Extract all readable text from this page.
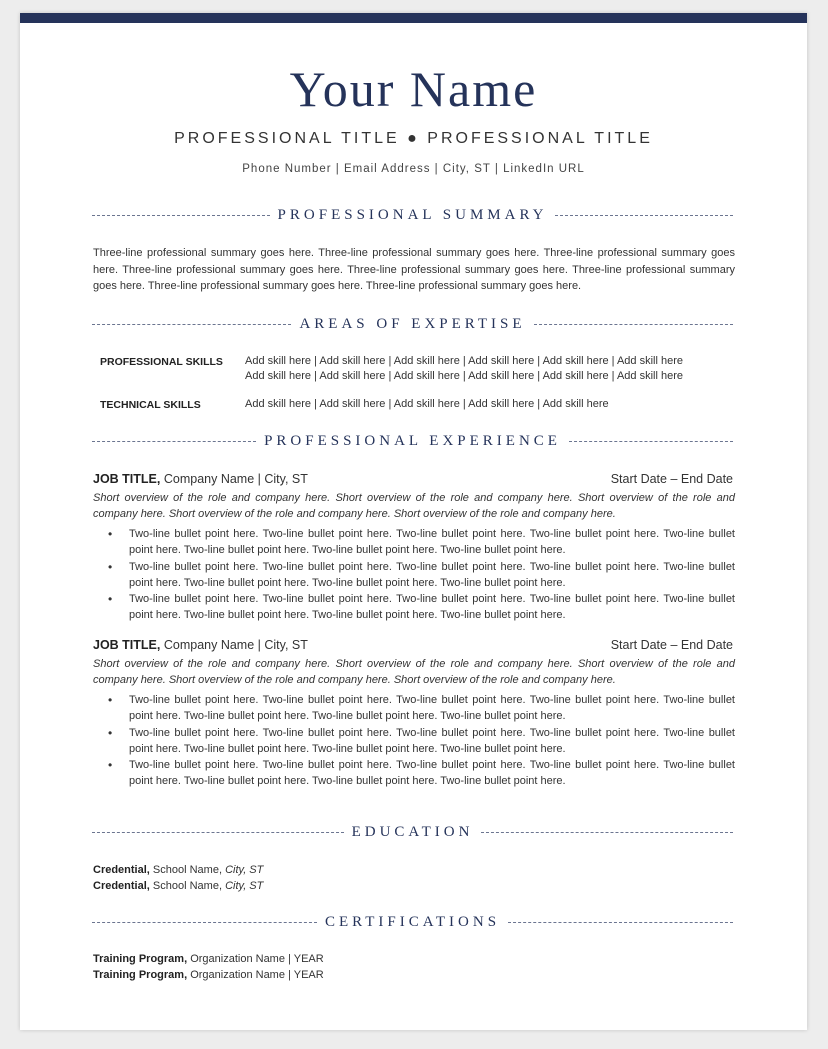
Your Name
PROFESSIONAL TITLE ● PROFESSIONAL TITLE
Phone Number | Email Address | City, ST | LinkedIn URL
PROFESSIONAL SUMMARY
Three-line professional summary goes here. Three-line professional summary goes here. Three-line professional summary goes here. Three-line professional summary goes here. Three-line professional summary goes here. Three-line professional summary goes here. Three-line professional summary goes here. Three-line professional summary goes here.
AREAS OF EXPERTISE
PROFESSIONAL SKILLS Add skill here | Add skill here | Add skill here | Add skill here | Add skill here | Add skill here
Add skill here | Add skill here | Add skill here | Add skill here | Add skill here | Add skill here
TECHNICAL SKILLS	Add skill here | Add skill here | Add skill here | Add skill here | Add skill here
PROFESSIONAL EXPERIENCE
JOB TITLE, Company Name | City, ST	Start Date – End Date
Short overview of the role and company here. Short overview of the role and company here. Short overview of the role and company here. Short overview of the role and company here. Short overview of the role and company here.
• Two-line bullet point here. Two-line bullet point here. Two-line bullet point here. Two-line bullet point here. Two-line bullet point here. Two-line bullet point here. Two-line bullet point here. Two-line bullet point here.
• Two-line bullet point here. Two-line bullet point here. Two-line bullet point here. Two-line bullet point here. Two-line bullet point here. Two-line bullet point here. Two-line bullet point here. Two-line bullet point here.
• Two-line bullet point here. Two-line bullet point here. Two-line bullet point here. Two-line bullet point here. Two-line bullet point here. Two-line bullet point here. Two-line bullet point here. Two-line bullet point here.
JOB TITLE, Company Name | City, ST	Start Date – End Date
Short overview of the role and company here. Short overview of the role and company here. Short overview of the role and company here. Short overview of the role and company here. Short overview of the role and company here.
• Two-line bullet point here. Two-line bullet point here. Two-line bullet point here. Two-line bullet point here. Two-line bullet point here. Two-line bullet point here. Two-line bullet point here. Two-line bullet point here.
• Two-line bullet point here. Two-line bullet point here. Two-line bullet point here. Two-line bullet point here. Two-line bullet point here. Two-line bullet point here. Two-line bullet point here. Two-line bullet point here.
• Two-line bullet point here. Two-line bullet point here. Two-line bullet point here. Two-line bullet point here. Two-line bullet point here. Two-line bullet point here. Two-line bullet point here. Two-line bullet point here.
EDUCATION
Credential, School Name, City, ST
Credential, School Name, City, ST
CERTIFICATIONS
Training Program, Organization Name | YEAR
Training Program, Organization Name | YEAR
